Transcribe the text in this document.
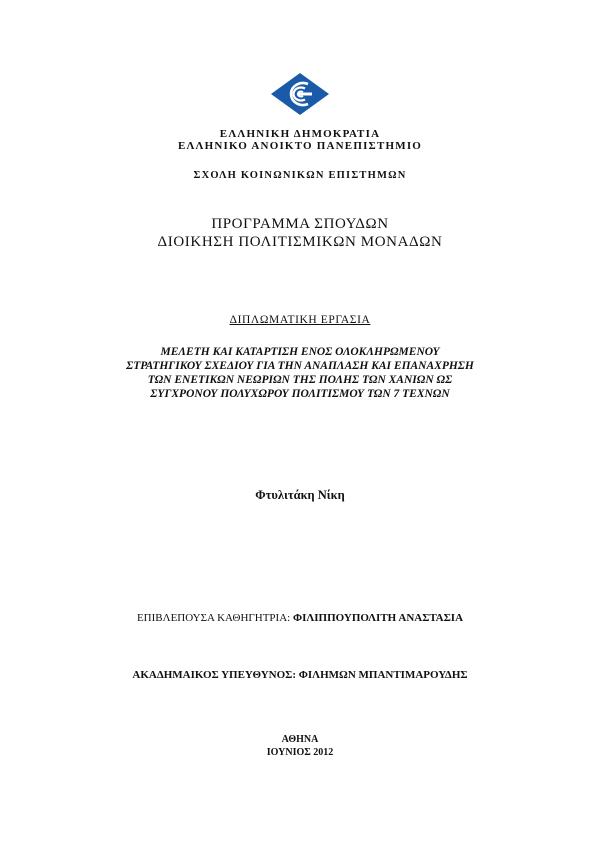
ΕΛΛΗΝΙΚΗ ΔΗΜΟΚΡΑΤΙΑ
ΕΛΛΗΝΙΚΟ ΑΝΟΙΚΤΟ ΠΑΝΕΠΙΣΤΗΜΙΟ
ΣΧΟΛΗ ΚΟΙΝΩΝΙΚΩΝ ΕΠΙΣΤΗΜΩΝ
ΠΡΟΓΡΑΜΜΑ ΣΠΟΥΔΩΝ
ΔΙΟΙΚΗΣΗ ΠΟΛΙΤΙΣΜΙΚΩΝ ΜΟΝΑΔΩΝ
ΔΙΠΛΩΜΑΤΙΚΗ ΕΡΓΑΣΙΑ
ΜΕΛΕΤΗ ΚΑΙ ΚΑΤΑΡΤΙΣΗ ΕΝΟΣ ΟΛΟΚΛΗΡΩΜΕΝΟΥ
ΣΤΡΑΤΗΓΙΚΟΥ ΣΧΕΔΙΟΥ ΓΙΑ ΤΗΝ ΑΝΑΠΛΑΣΗ ΚΑΙ ΕΠΑΝΑΧΡΗΣΗ
ΤΩΝ ΕΝΕΤΙΚΩΝ ΝΕΩΡΙΩΝ ΤΗΣ ΠΟΛΗΣ ΤΩΝ ΧΑΝΙΩΝ ΩΣ
ΣΥΓΧΡΟΝΟΥ ΠΟΛΥΧΩΡΟΥ ΠΟΛΙΤΙΣΜΟΥ ΤΩΝ 7 ΤΕΧΝΩΝ
Φτυλιτάκη Νίκη
ΕΠΙΒΛΕΠΟΥΣΑ ΚΑΘΗΓΗΤΡΙΑ: ΦΙΛΙΠΠΟΥΠΟΛΙΤΗ ΑΝΑΣΤΑΣΙΑ
ΑΚΑΔΗΜΑΙΚΟΣ ΥΠΕΥΘΥΝΟΣ: ΦΙΛΗΜΩΝ ΜΠΑΝΤΙΜΑΡΟΥΔΗΣ
ΑΘΗΝΑ
ΙΟΥΝΙΟΣ 2012
